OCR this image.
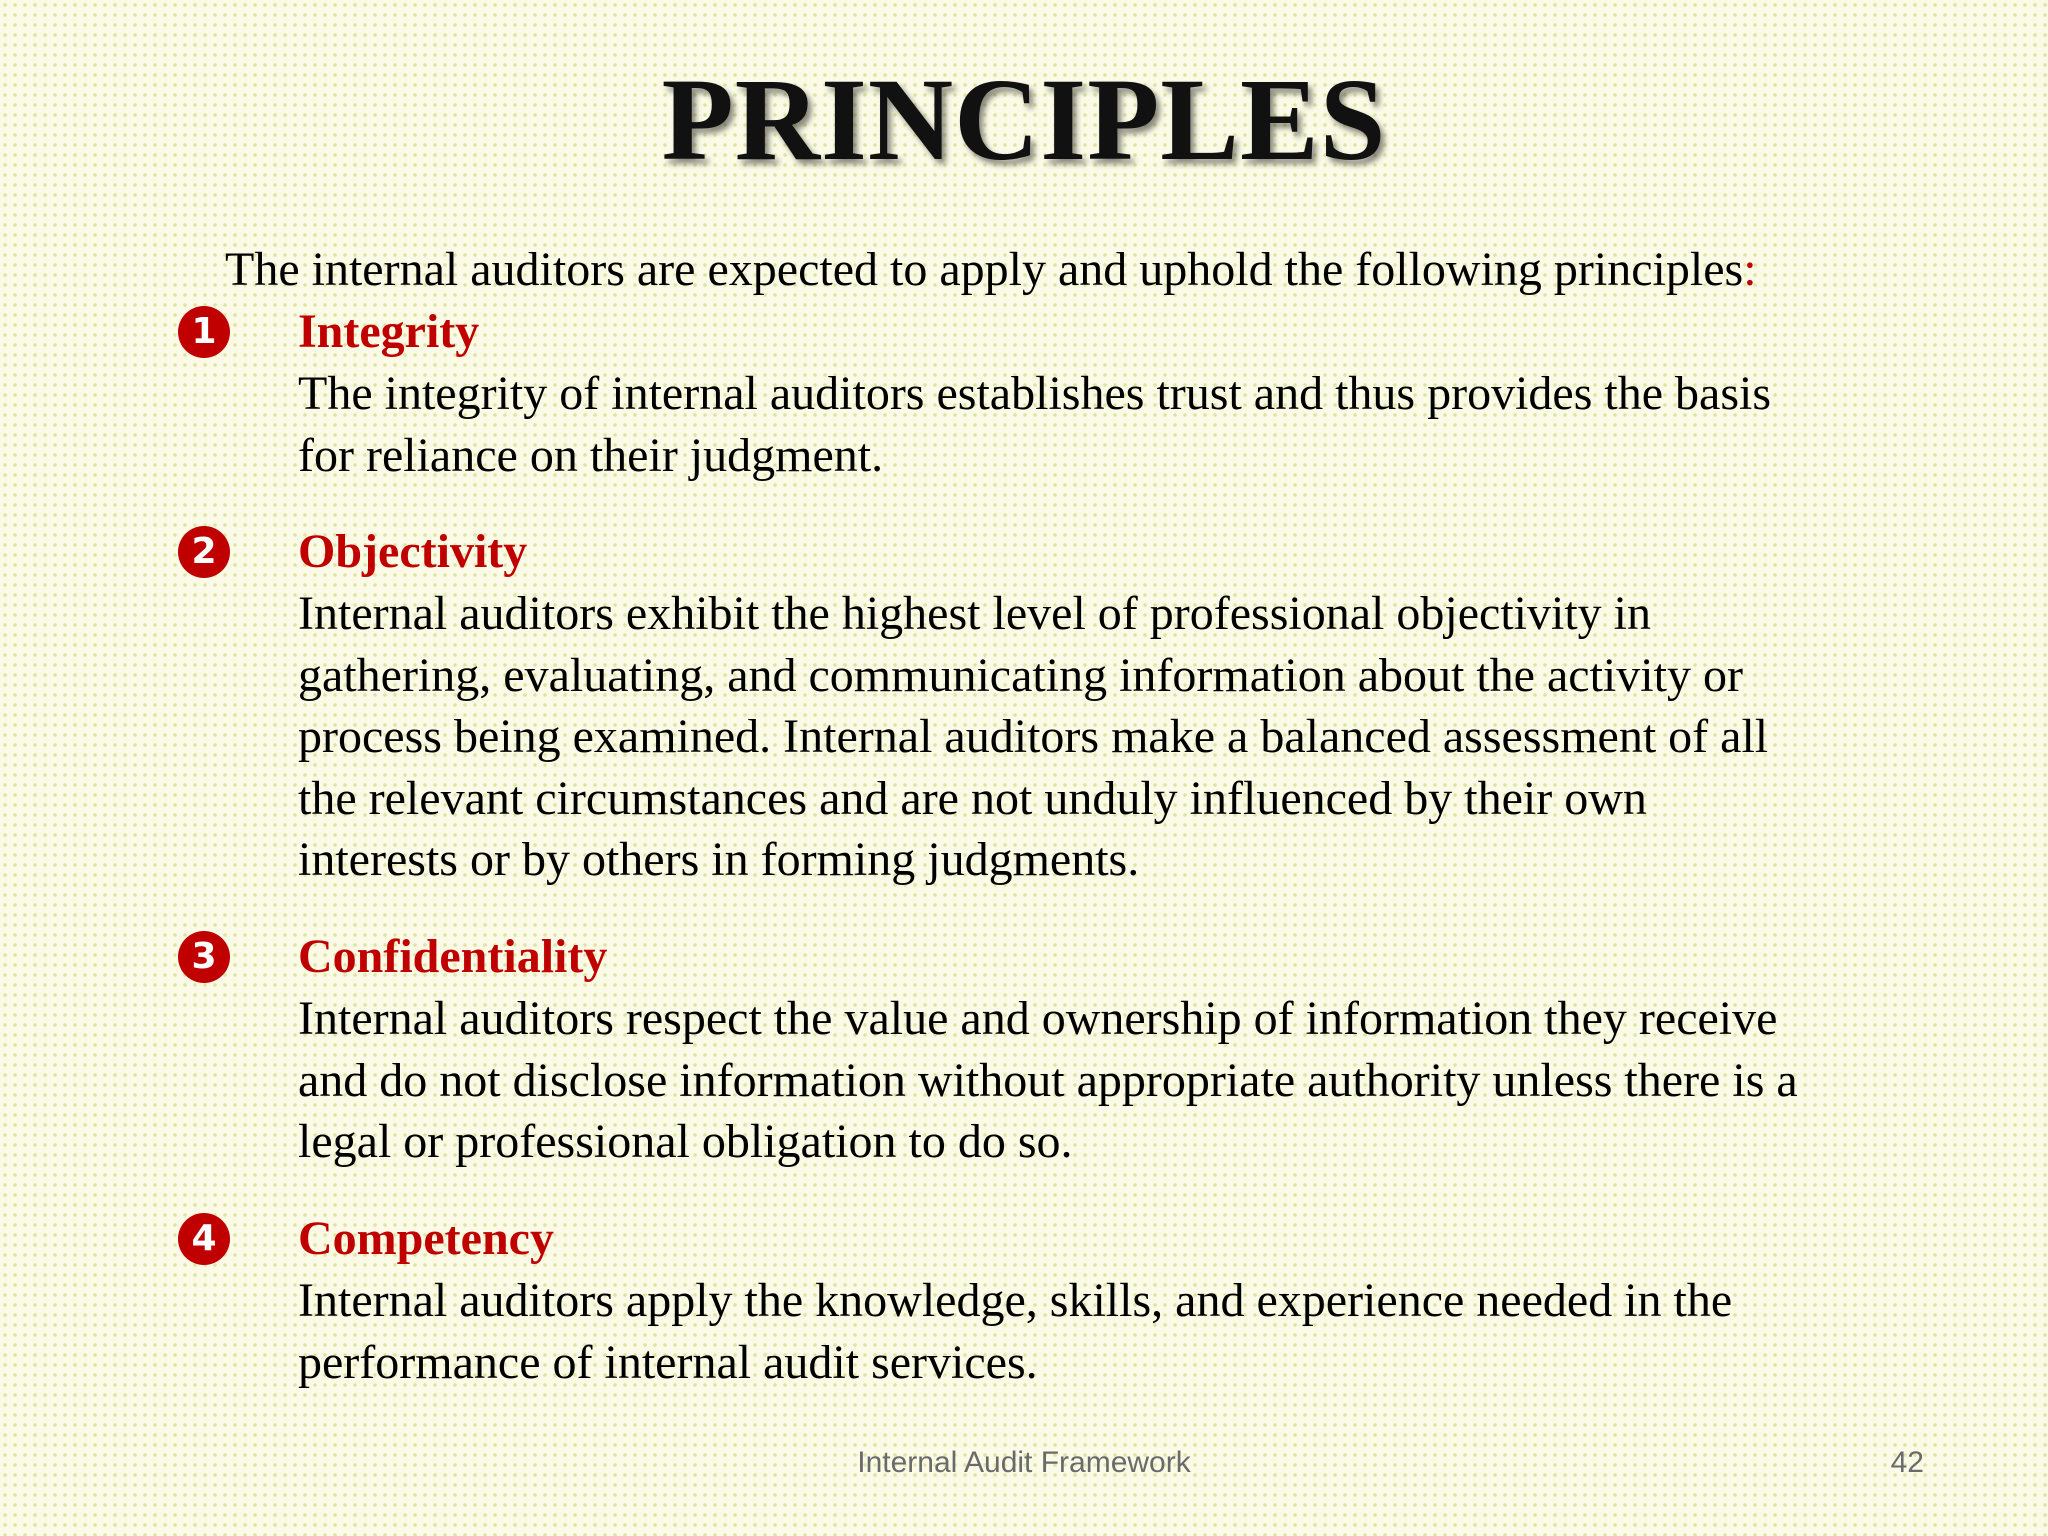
PRINCIPLES
The internal auditors are expected to apply and uphold the following principles:
1 Integrity
The integrity of internal auditors establishes trust and thus provides the basis
for reliance on their judgment.
2 Objectivity
Internal auditors exhibit the highest level of professional objectivity in
gathering, evaluating, and communicating information about the activity or
process being examined. Internal auditors make a balanced assessment of all
the relevant circumstances and are not unduly influenced by their own
interests or by others in forming judgments.
3 Confidentiality
Internal auditors respect the value and ownership of information they receive
and do not disclose information without appropriate authority unless there is a
legal or professional obligation to do so.
4 Competency
Internal auditors apply the knowledge, skills, and experience needed in the
performance of internal audit services.
Internal Audit Framework	42
